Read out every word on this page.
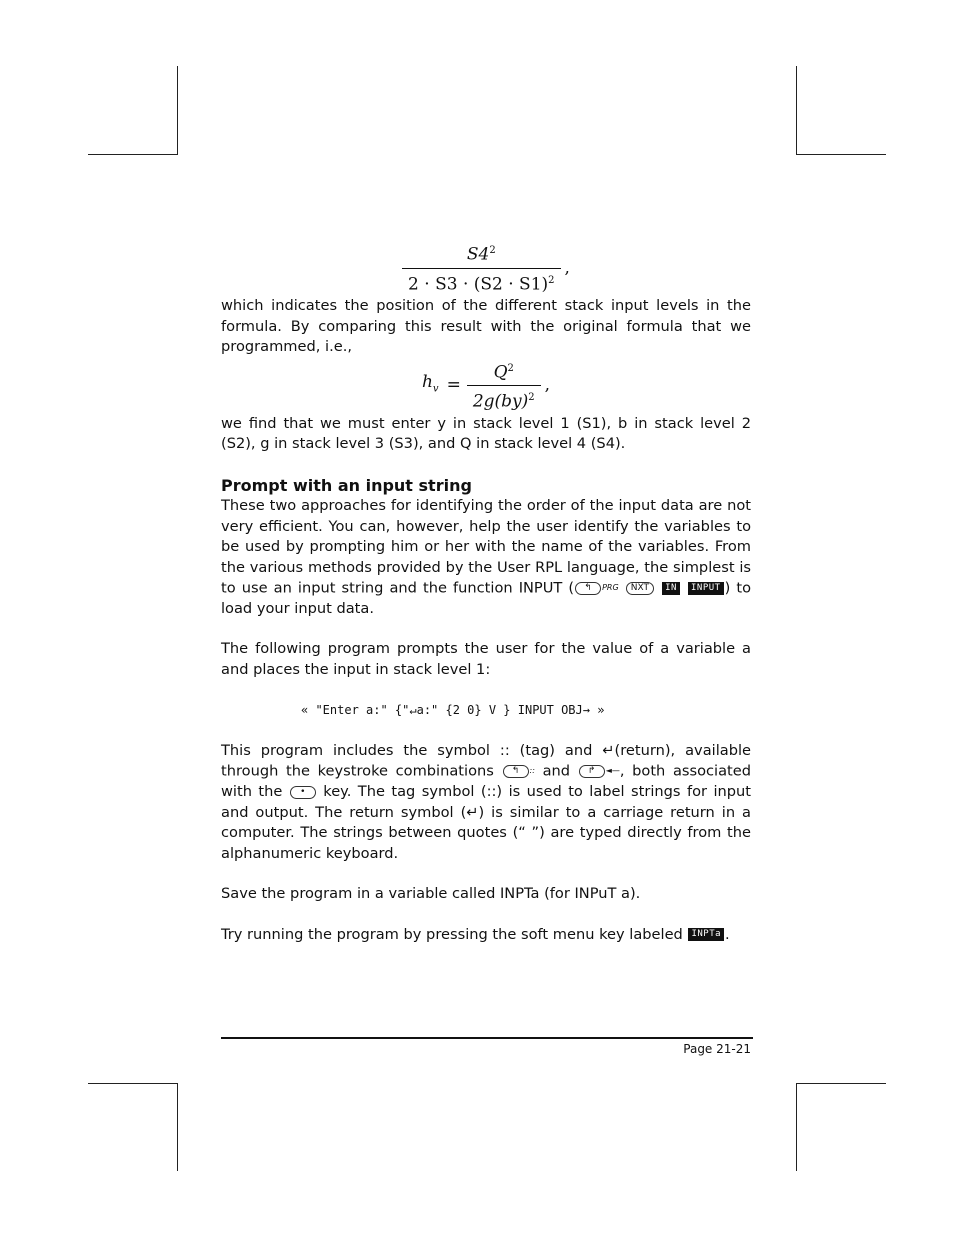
$\frac{S4^2}{2 \cdot S3 \cdot (S2 \cdot S1)^2}$ ,

which indicates the position of the different stack input levels in the formula. By comparing this result with the original formula that we programmed, i.e.,

$h_v = \frac{Q^2}{2g(by)^2}$ ,

we find that we must enter y in stack level 1 (S1), b in stack level 2 (S2), g in stack level 3 (S3), and Q in stack level 4 (S4).

Prompt with an input string

These two approaches for identifying the order of the input data are not very efficient. You can, however, help the user identify the variables to be used by prompting him or her with the name of the variables. From the various methods provided by the User RPL language, the simplest is to use an input string and the function INPUT ( ↰ PRG NXT IN INPUT ) to load your input data.

The following program prompts the user for the value of a variable a and places the input in stack level 1:

« "Enter a:" {"↵a:" {2 0} V } INPUT OBJ→ »

This program includes the symbol :: (tag) and ↵(return), available through the keystroke combinations ↰ :: and ↱ ◄—, both associated with the • key. The tag symbol (::) is used to label strings for input and output. The return symbol (↵) is similar to a carriage return in a computer. The strings between quotes (“ ”) are typed directly from the alphanumeric keyboard.

Save the program in a variable called INPTa (for INPuT a).

Try running the program by pressing the soft menu key labeled INPTa .

Page 21-21
